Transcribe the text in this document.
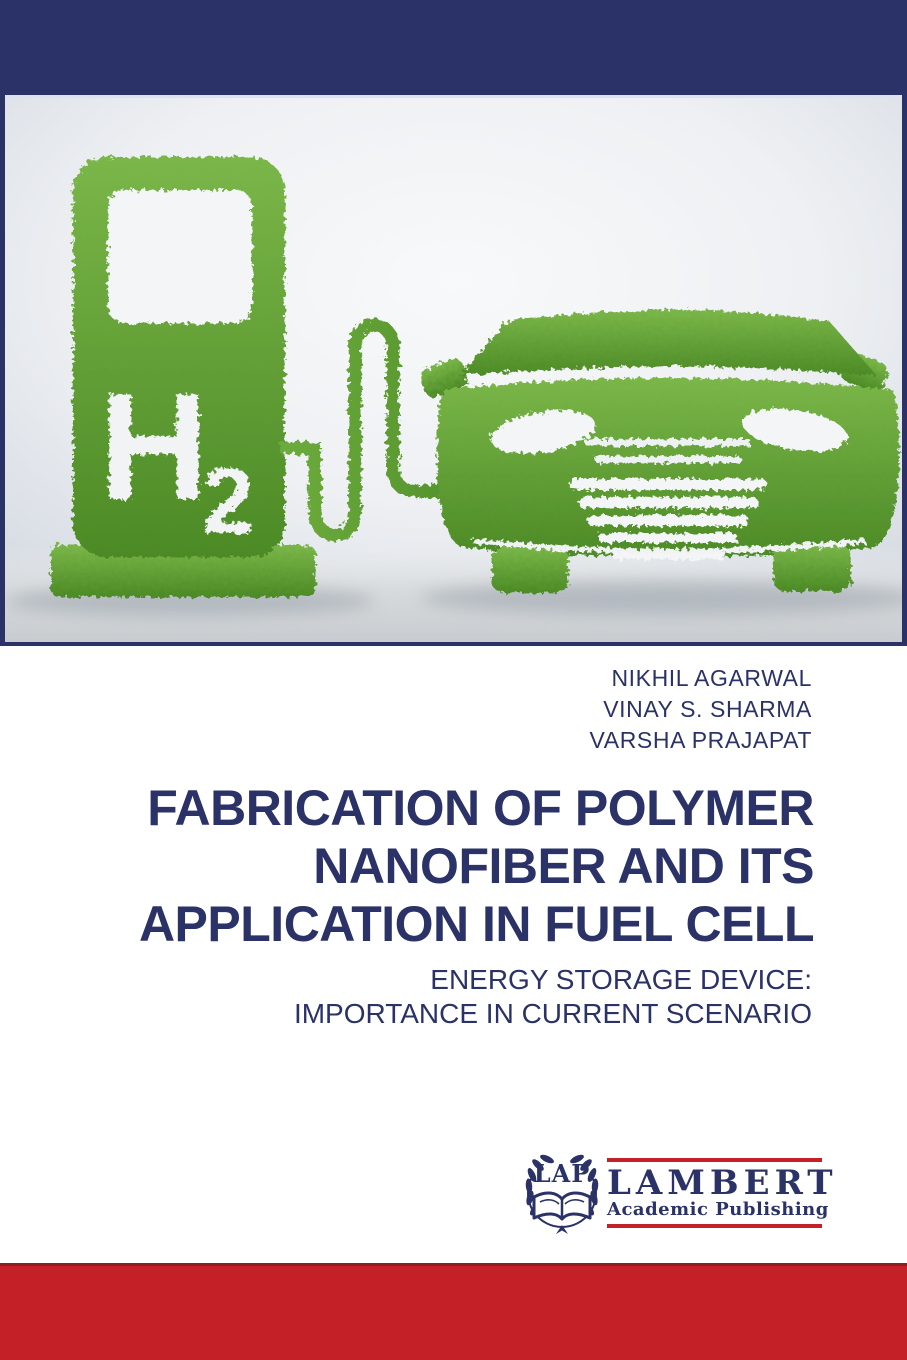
H
2
NIKHIL AGARWAL
VINAY S. SHARMA
VARSHA PRAJAPAT
FABRICATION OF POLYMER
NANOFIBER AND ITS
APPLICATION IN FUEL CELL
ENERGY STORAGE DEVICE:
IMPORTANCE IN CURRENT SCENARIO
LAP LAMBERT
Academic Publishing
